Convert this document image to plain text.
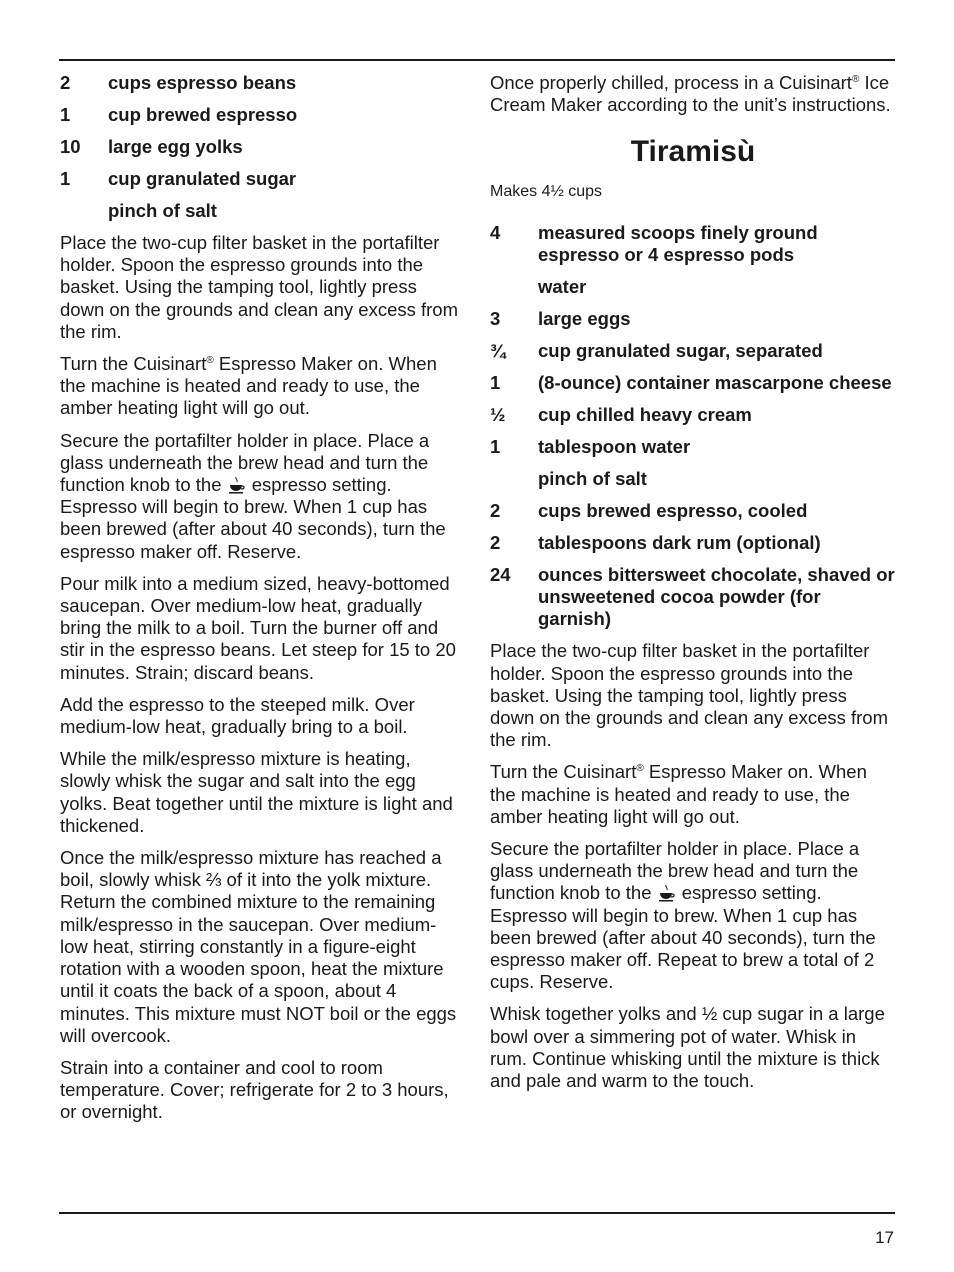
2	cups espresso beans
1	cup brewed espresso
10	large egg yolks
1	cup granulated sugar
pinch of salt

Place the two-cup filter basket in the portafilter holder. Spoon the espresso grounds into the basket. Using the tamping tool, lightly press down on the grounds and clean any excess from the rim.

Turn the Cuisinart® Espresso Maker on. When the machine is heated and ready to use, the amber heating light will go out.

Secure the portafilter holder in place. Place a glass underneath the brew head and turn the function knob to the  espresso setting. Espresso will begin to brew. When 1 cup has been brewed (after about 40 seconds), turn the espresso maker off. Reserve.

Pour milk into a medium sized, heavy-bottomed saucepan. Over medium-low heat, gradually bring the milk to a boil. Turn the burner off and stir in the espresso beans. Let steep for 15 to 20 minutes. Strain; discard beans.

Add the espresso to the steeped milk. Over medium-low heat, gradually bring to a boil.

While the milk/espresso mixture is heating, slowly whisk the sugar and salt into the egg yolks. Beat together until the mixture is light and thickened.

Once the milk/espresso mixture has reached a boil, slowly whisk ⅔ of it into the yolk mixture. Return the combined mixture to the remaining milk/espresso in the saucepan. Over medium-low heat, stirring constantly in a figure-eight rotation with a wooden spoon, heat the mixture until it coats the back of a spoon, about 4 minutes. This mixture must NOT boil or the eggs will overcook.

Strain into a container and cool to room temperature. Cover; refrigerate for 2 to 3 hours, or overnight.

Once properly chilled, process in a Cuisinart® Ice Cream Maker according to the unit’s instructions.

Tiramisù
Makes 4½ cups
4	measured scoops finely ground espresso or 4 espresso pods
water
3	large eggs
¾	cup granulated sugar, separated
1	(8-ounce) container mascarpone cheese
½	cup chilled heavy cream
1	tablespoon water
pinch of salt
2	cups brewed espresso, cooled
2	tablespoons dark rum (optional)
24	ounces bittersweet chocolate, shaved or unsweetened cocoa powder (for garnish)

Place the two-cup filter basket in the portafilter holder. Spoon the espresso grounds into the basket. Using the tamping tool, lightly press down on the grounds and clean any excess from the rim.

Turn the Cuisinart® Espresso Maker on. When the machine is heated and ready to use, the amber heating light will go out.

Secure the portafilter holder in place. Place a glass underneath the brew head and turn the function knob to the  espresso setting. Espresso will begin to brew. When 1 cup has been brewed (after about 40 seconds), turn the espresso maker off. Repeat to brew a total of 2 cups. Reserve.

Whisk together yolks and ½ cup sugar in a large bowl over a simmering pot of water. Whisk in rum. Continue whisking until the mixture is thick and pale and warm to the touch.

17
